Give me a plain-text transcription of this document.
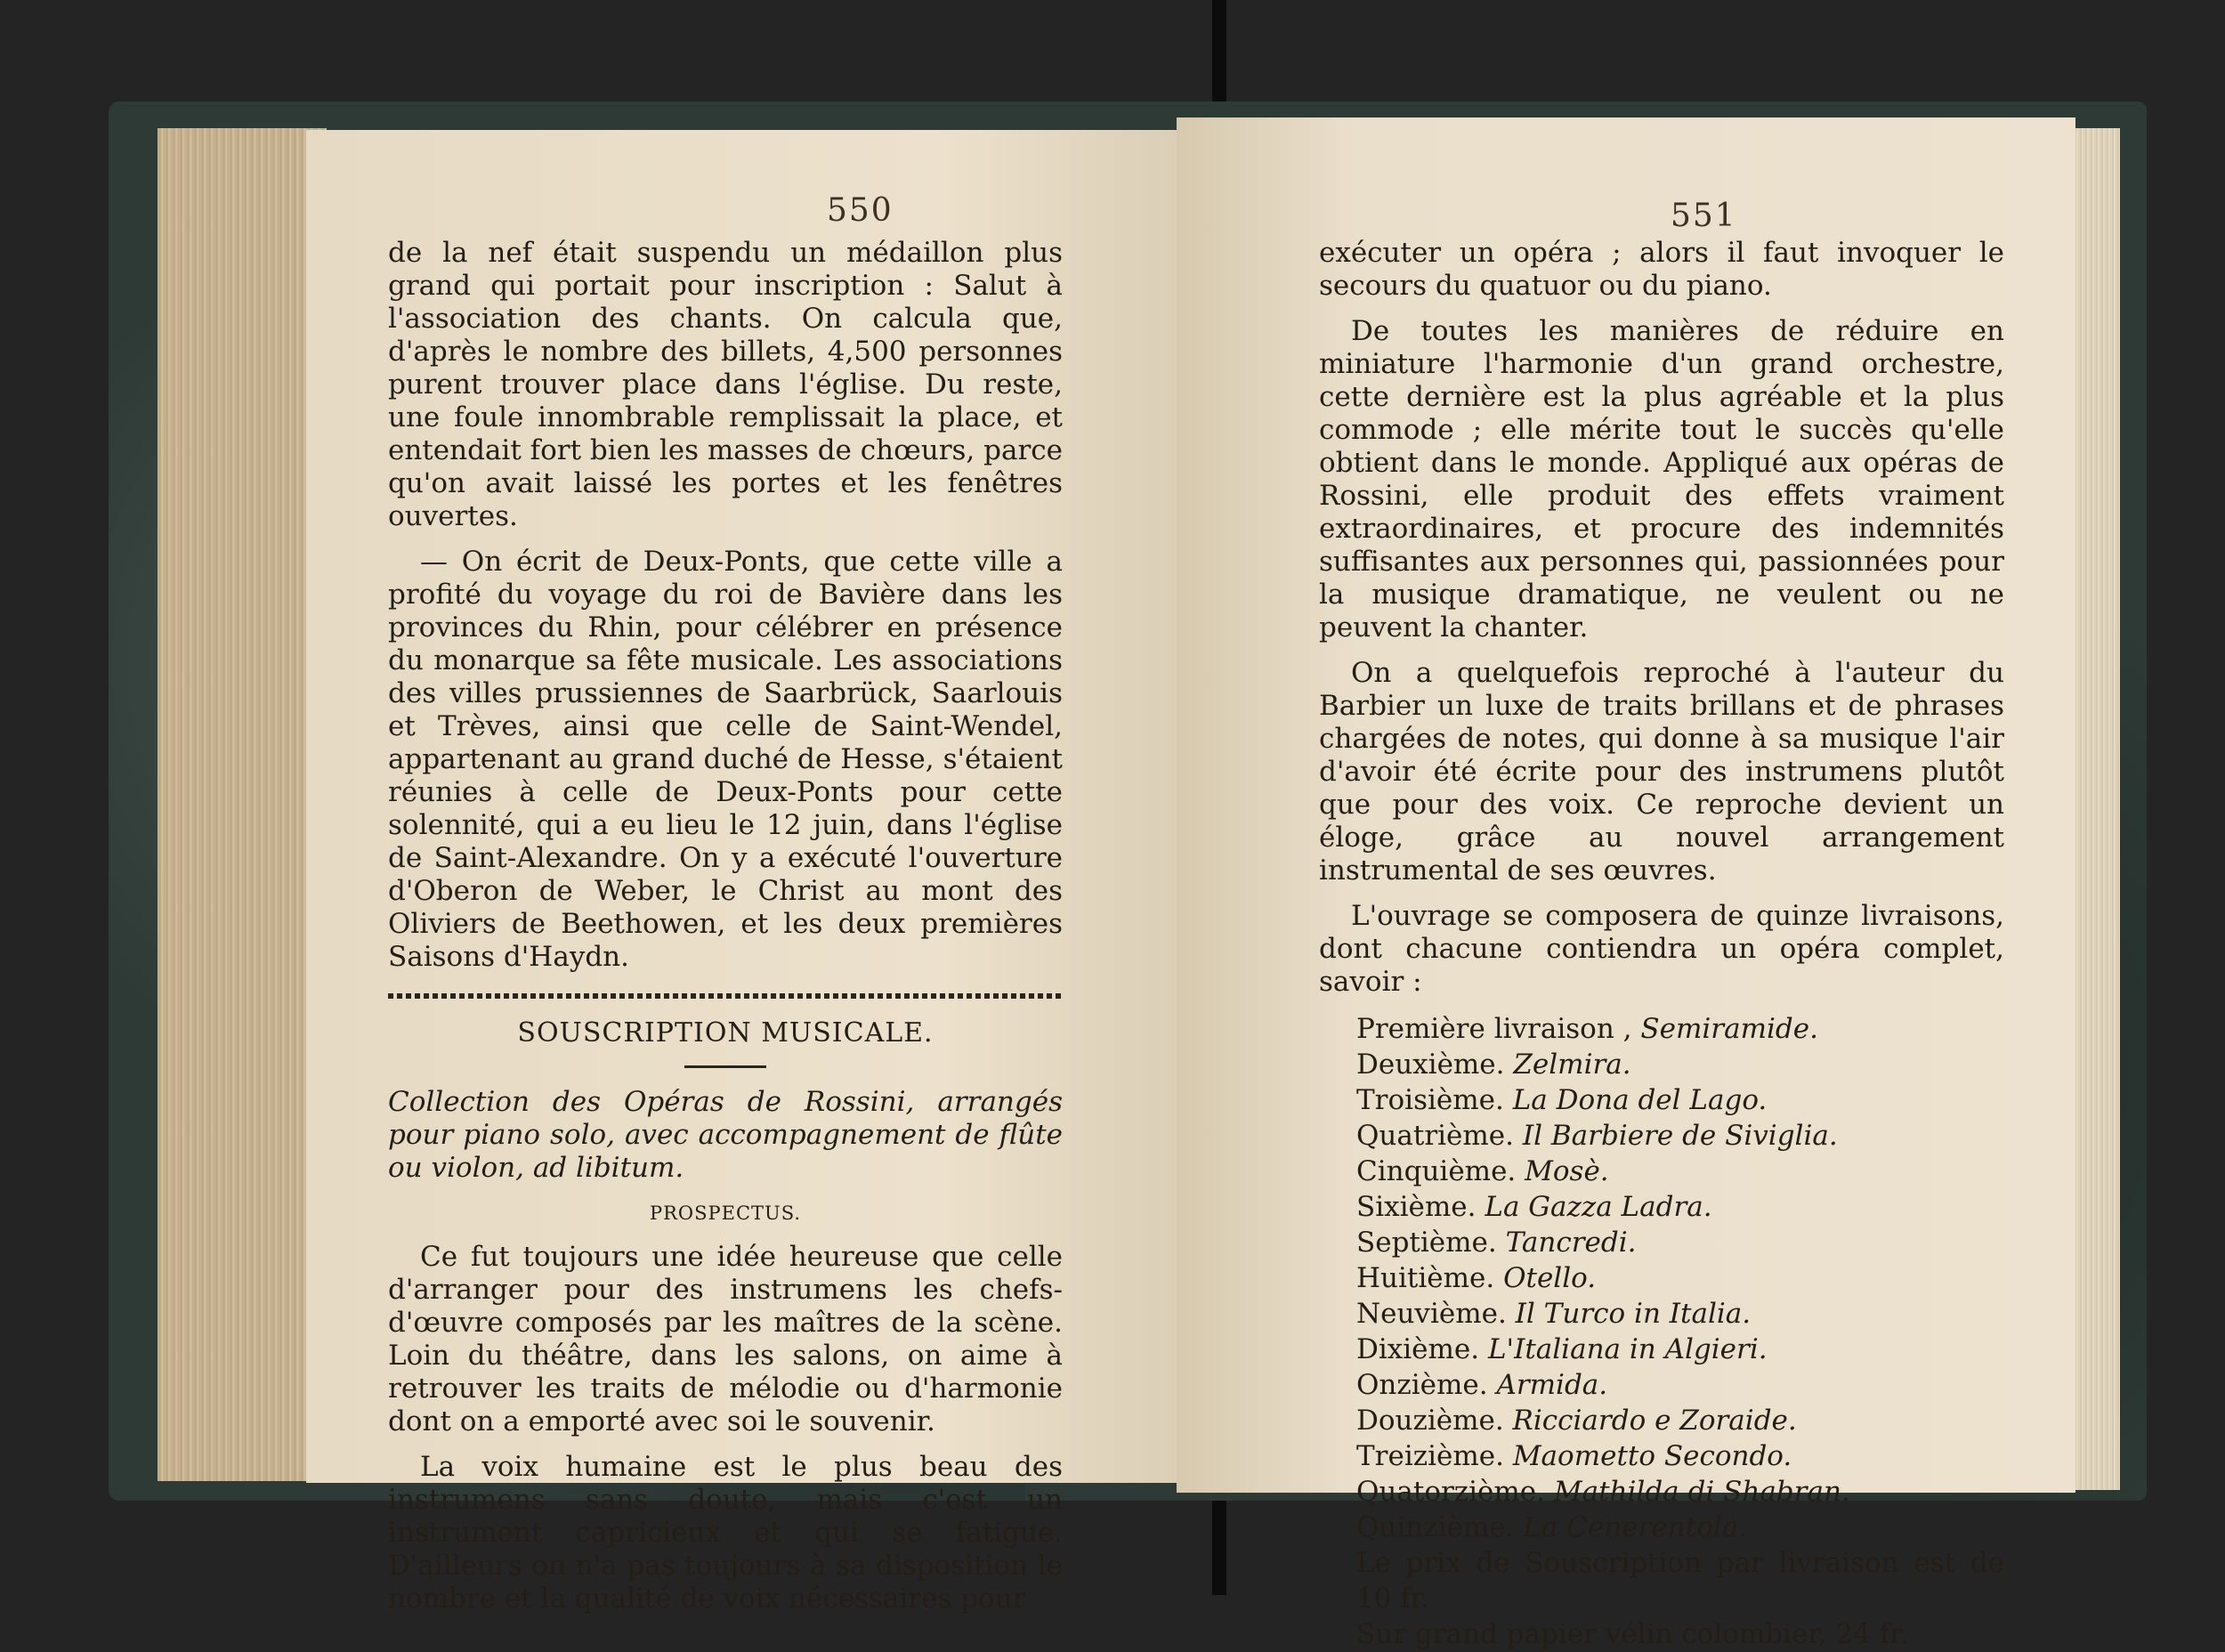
550

de la nef était suspendu un médaillon plus grand qui portait pour inscription : Salut à l'association des chants. On calcula que, d'après le nombre des billets, 4,500 personnes purent trouver place dans l'église. Du reste, une foule innombrable remplissait la place, et entendait fort bien les masses de chœurs, parce qu'on avait laissé les portes et les fenêtres ouvertes.

— On écrit de Deux-Ponts, que cette ville a profité du voyage du roi de Bavière dans les provinces du Rhin, pour célébrer en présence du monarque sa fête musicale. Les associations des villes prussiennes de Saarbrück, Saarlouis et Trèves, ainsi que celle de Saint-Wendel, appartenant au grand duché de Hesse, s'étaient réunies à celle de Deux-Ponts pour cette solennité, qui a eu lieu le 12 juin, dans l'église de Saint-Alexandre. On y a exécuté l'ouverture d'Oberon de Weber, le Christ au mont des Oliviers de Beethowen, et les deux premières Saisons d'Haydn.

SOUSCRIPTION MUSICALE.

Collection des Opéras de Rossini, arrangés pour piano solo, avec accompagnement de flûte ou violon, ad libitum.

PROSPECTUS.

Ce fut toujours une idée heureuse que celle d'arranger pour des instrumens les chefs-d'œuvre composés par les maîtres de la scène. Loin du théâtre, dans les salons, on aime à retrouver les traits de mélodie ou d'harmonie dont on a emporté avec soi le souvenir.

La voix humaine est le plus beau des instrumens sans doute, mais c'est un instrument capricieux et qui se fatigue. D'ailleurs on n'a pas toujours à sa disposition le nombre et la qualité de voix nécessaires pour

551

exécuter un opéra ; alors il faut invoquer le secours du quatuor ou du piano.

De toutes les manières de réduire en miniature l'harmonie d'un grand orchestre, cette dernière est la plus agréable et la plus commode ; elle mérite tout le succès qu'elle obtient dans le monde. Appliqué aux opéras de Rossini, elle produit des effets vraiment extraordinaires, et procure des indemnités suffisantes aux personnes qui, passionnées pour la musique dramatique, ne veulent ou ne peuvent la chanter.

On a quelquefois reproché à l'auteur du Barbier un luxe de traits brillans et de phrases chargées de notes, qui donne à sa musique l'air d'avoir été écrite pour des instrumens plutôt que pour des voix. Ce reproche devient un éloge, grâce au nouvel arrangement instrumental de ses œuvres.

L'ouvrage se composera de quinze livraisons, dont chacune contiendra un opéra complet, savoir :

Première livraison , Semiramide.
Deuxième. Zelmira.
Troisième. La Dona del Lago.
Quatrième. Il Barbiere de Siviglia.
Cinquième. Mosè.
Sixième. La Gazza Ladra.
Septième. Tancredi.
Huitième. Otello.
Neuvième. Il Turco in Italia.
Dixième. L'Italiana in Algieri.
Onzième. Armida.
Douzième. Ricciardo e Zoraide.
Treizième. Maometto Secondo.
Quatorzième. Mathilda di Shabran.
Quinzième. La Cenerentola.
Le prix de Souscription par livraison est de 10 fr.
Sur grand papier vélin colombier, 24 fr.
